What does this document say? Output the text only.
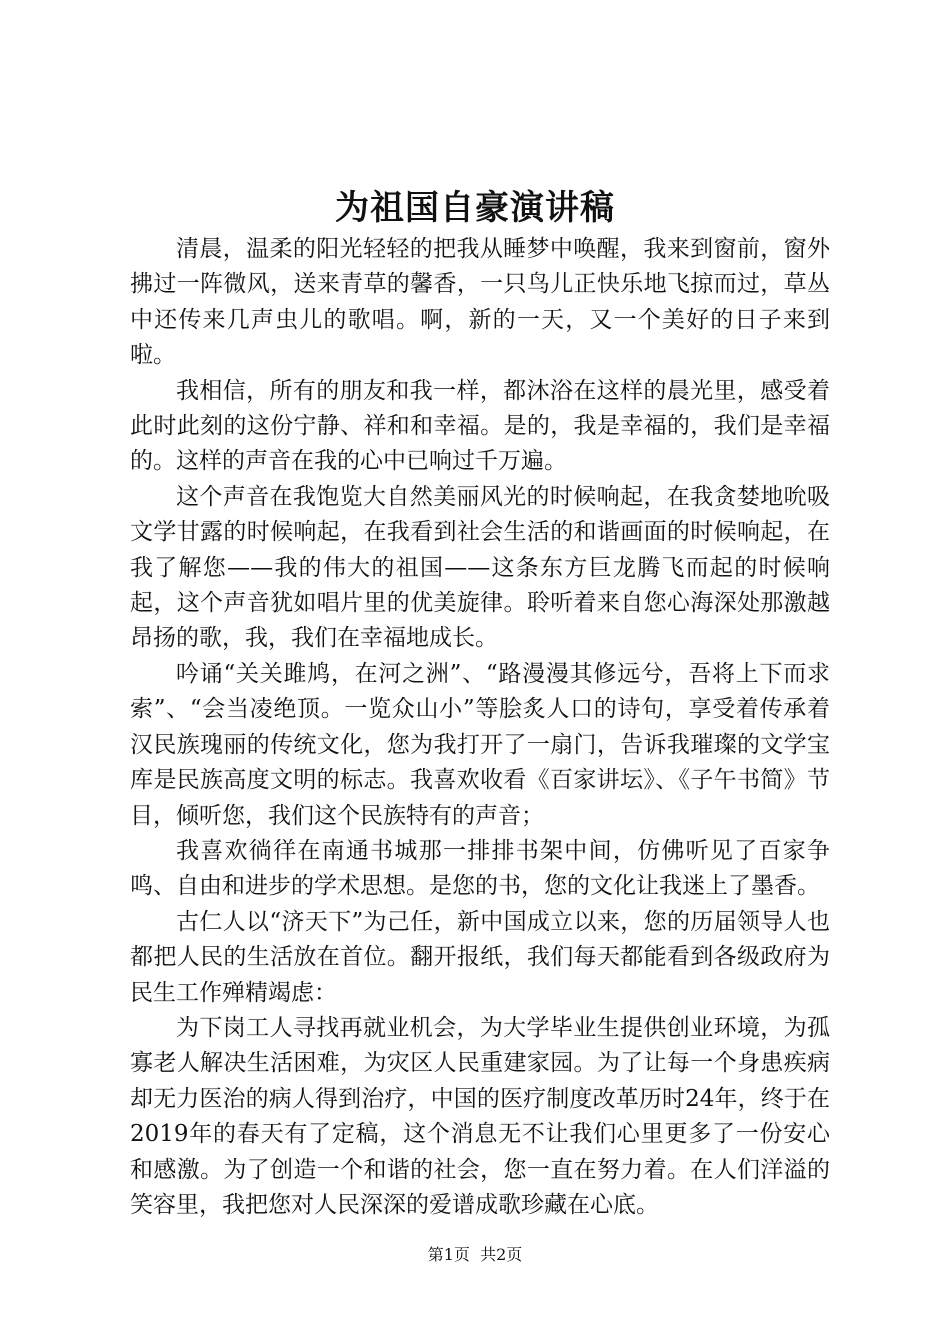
为祖国自豪演讲稿

清晨，温柔的阳光轻轻的把我从睡梦中唤醒，我来到窗前，窗外拂过一阵微风，送来青草的馨香，一只鸟儿正快乐地飞掠而过，草丛中还传来几声虫儿的歌唱。啊，新的一天，又一个美好的日子来到啦。

我相信，所有的朋友和我一样，都沐浴在这样的晨光里，感受着此时此刻的这份宁静、祥和和幸福。是的，我是幸福的，我们是幸福的。这样的声音在我的心中已响过千万遍。

这个声音在我饱览大自然美丽风光的时候响起，在我贪婪地吮吸文学甘露的时候响起，在我看到社会生活的和谐画面的时候响起，在我了解您——我的伟大的祖国——这条东方巨龙腾飞而起的时候响起，这个声音犹如唱片里的优美旋律。聆听着来自您心海深处那激越昂扬的歌，我，我们在幸福地成长。

吟诵“关关雎鸠，在河之洲”、“路漫漫其修远兮，吾将上下而求索”、“会当凌绝顶。一览众山小”等脍炙人口的诗句，享受着传承着汉民族瑰丽的传统文化，您为我打开了一扇门，告诉我璀璨的文学宝库是民族高度文明的标志。我喜欢收看《百家讲坛》、《子午书简》节目，倾听您，我们这个民族特有的声音；

我喜欢徜徉在南通书城那一排排书架中间，仿佛听见了百家争鸣、自由和进步的学术思想。是您的书，您的文化让我迷上了墨香。

古仁人以“济天下”为己任，新中国成立以来，您的历届领导人也都把人民的生活放在首位。翻开报纸，我们每天都能看到各级政府为民生工作殚精竭虑：

为下岗工人寻找再就业机会，为大学毕业生提供创业环境，为孤寡老人解决生活困难，为灾区人民重建家园。为了让每一个身患疾病却无力医治的病人得到治疗，中国的医疗制度改革历时24年，终于在2019年的春天有了定稿，这个消息无不让我们心里更多了一份安心和感激。为了创造一个和谐的社会，您一直在努力着。在人们洋溢的笑容里，我把您对人民深深的爱谱成歌珍藏在心底。

第1页  共2页
